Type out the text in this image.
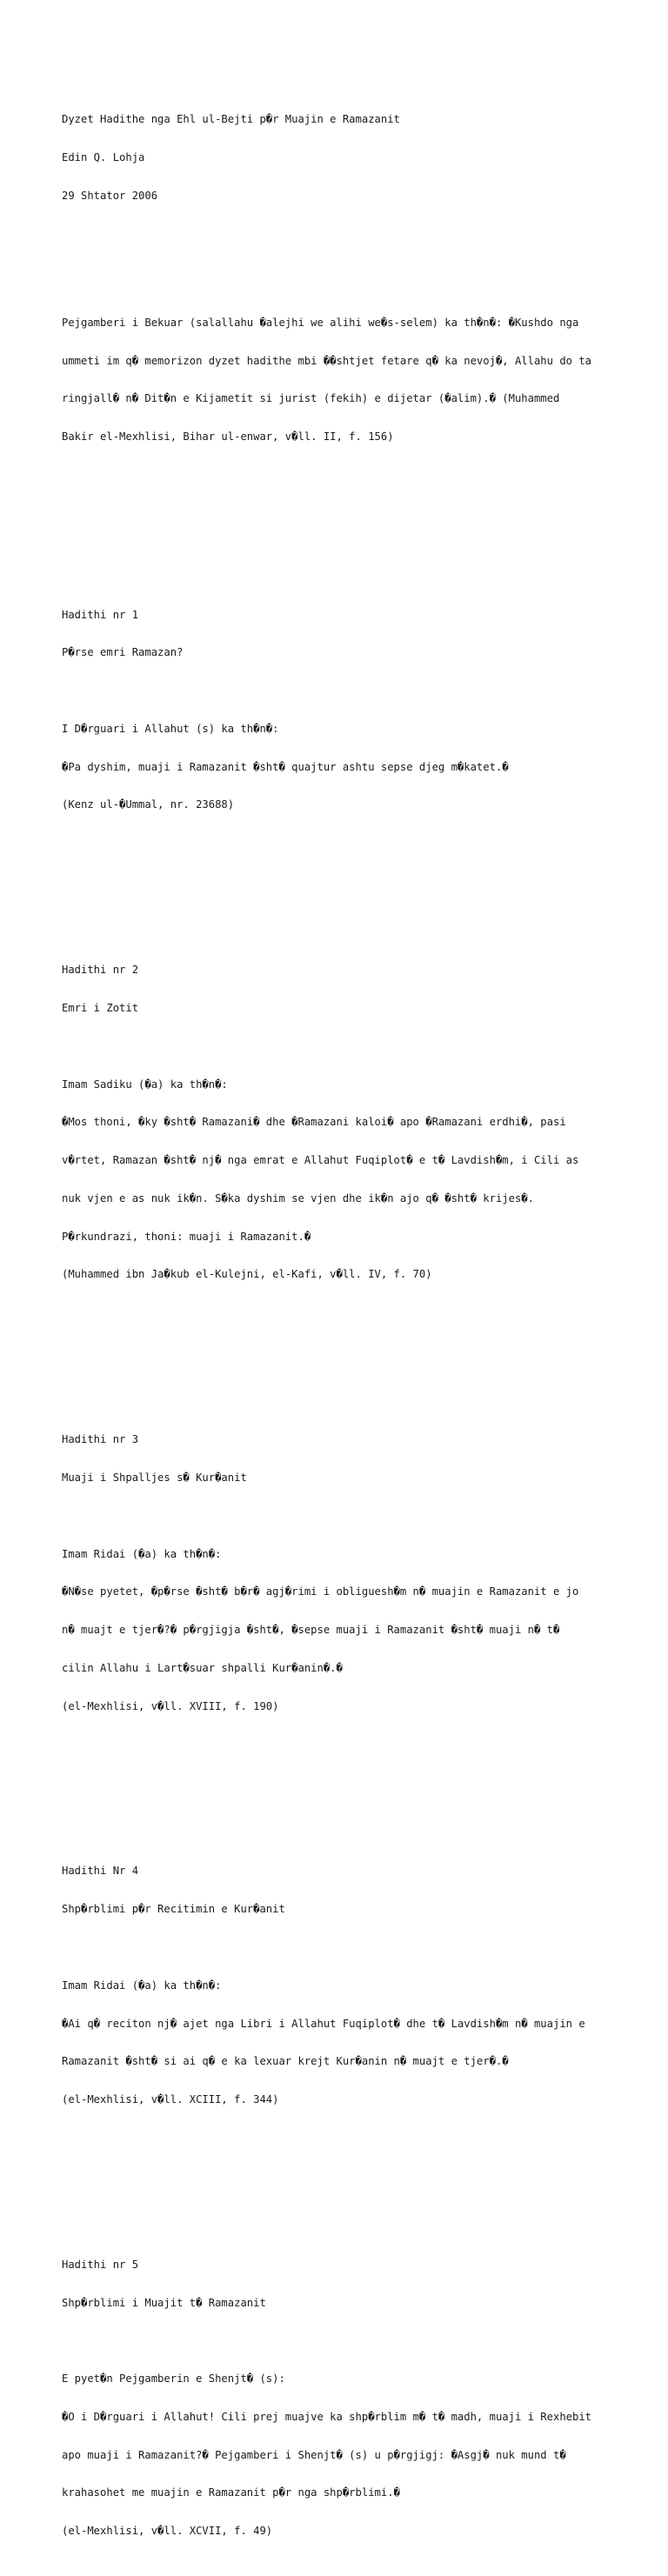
Dyzet Hadithe nga Ehl ul-Bejti p�r Muajin e Ramazanit

Edin Q. Lohja

29 Shtator 2006

Pejgamberi i Bekuar (salallahu �alejhi we alihi we�s-selem) ka th�n�: �Kushdo nga

ummeti im q� memorizon dyzet hadithe mbi ��shtjet fetare q� ka nevoj�, Allahu do ta

ringjall� n� Dit�n e Kijametit si jurist (fekih) e dijetar (�alim).� (Muhammed

Bakir el-Mexhlisi, Bihar ul-enwar, v�ll. II, f. 156)

Hadithi nr 1

P�rse emri Ramazan?

I D�rguari i Allahut (s) ka th�n�:

�Pa dyshim, muaji i Ramazanit �sht� quajtur ashtu sepse djeg m�katet.�

(Kenz ul-�Ummal, nr. 23688)

Hadithi nr 2

Emri i Zotit

Imam Sadiku (�a) ka th�n�:

�Mos thoni, �ky �sht� Ramazani� dhe �Ramazani kaloi� apo �Ramazani erdhi�, pasi

v�rtet, Ramazan �sht� nj� nga emrat e Allahut Fuqiplot� e t� Lavdish�m, i Cili as

nuk vjen e as nuk ik�n. S�ka dyshim se vjen dhe ik�n ajo q� �sht� krijes�.

P�rkundrazi, thoni: muaji i Ramazanit.�

(Muhammed ibn Ja�kub el-Kulejni, el-Kafi, v�ll. IV, f. 70)

Hadithi nr 3

Muaji i Shpalljes s� Kur�anit

Imam Ridai (�a) ka th�n�:

�N�se pyetet, �p�rse �sht� b�r� agj�rimi i obliguesh�m n� muajin e Ramazanit e jo

n� muajt e tjer�?� p�rgjigja �sht�, �sepse muaji i Ramazanit �sht� muaji n� t�

cilin Allahu i Lart�suar shpalli Kur�anin�.�

(el-Mexhlisi, v�ll. XVIII, f. 190)

Hadithi Nr 4

Shp�rblimi p�r Recitimin e Kur�anit

Imam Ridai (�a) ka th�n�:

�Ai q� reciton nj� ajet nga Libri i Allahut Fuqiplot� dhe t� Lavdish�m n� muajin e

Ramazanit �sht� si ai q� e ka lexuar krejt Kur�anin n� muajt e tjer�.�

(el-Mexhlisi, v�ll. XCIII, f. 344)

Hadithi nr 5

Shp�rblimi i Muajit t� Ramazanit

E pyet�n Pejgamberin e Shenjt� (s):

�O i D�rguari i Allahut! Cili prej muajve ka shp�rblim m� t� madh, muaji i Rexhebit

apo muaji i Ramazanit?� Pejgamberi i Shenjt� (s) u p�rgjigj: �Asgj� nuk mund t�

krahasohet me muajin e Ramazanit p�r nga shp�rblimi.�

(el-Mexhlisi, v�ll. XCVII, f. 49)
